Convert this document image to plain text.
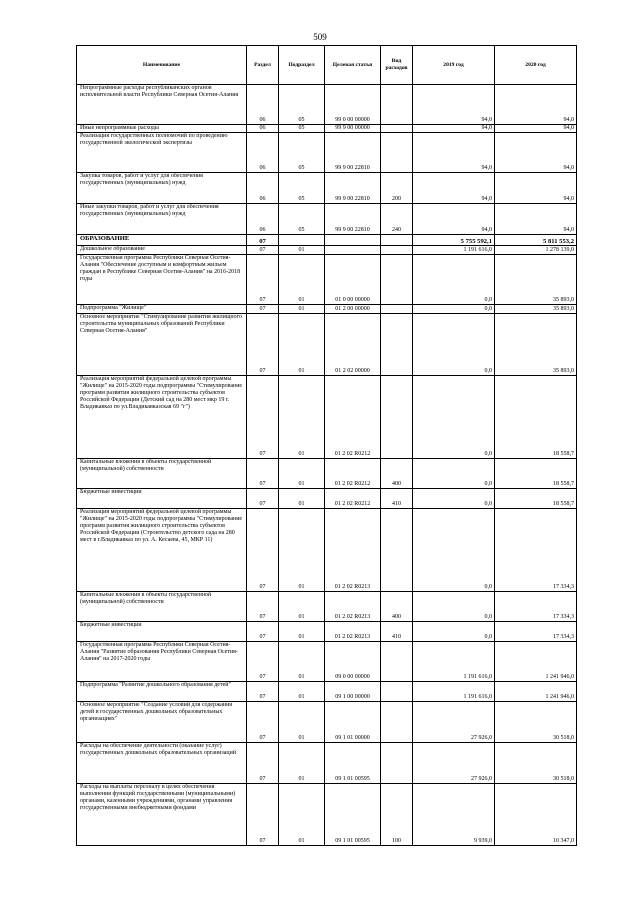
509
Наименование	Раздел	Подраздел	Целевая статья	Вид расходов	2019 год	2020 год
Непрограммные расходы республиканских органов исполнительной власти Республики Северная Осетия-Алания	06	05	99 0 00 00000		94,0	94,0
Иные непрограммные расходы	06	05	99 9 00 00000		94,0	94,0
Реализация государственных полномочий по проведению государственной экологической экспертизы	06	05	99 9 00 22810		94,0	94,0
Закупка товаров, работ и услуг для обеспечения государственных (муниципальных) нужд	06	05	99 9 00 22810	200	94,0	94,0
Иные закупки товаров, работ и услуг для обеспечения государственных (муниципальных) нужд	06	05	99 9 00 22810	240	94,0	94,0
ОБРАЗОВАНИЕ	07				5 755 592,1	5 811 553,2
Дошкольное образование	07	01			1 191 616,0	1 278 139,0
Государственная программа Республики Северная Осетия-Алания "Обеспечение доступным и комфортным жильем граждан в Республике Северная Осетия-Алания" на 2016-2018 годы	07	01	01 0 00 00000		0,0	35 893,0
Подпрограмма "Жилище"	07	01	01 2 00 00000		0,0	35 893,0
Основное мероприятие "Стимулирование развития жилищного строительства муниципальных образований Республики Северная Осетия-Алания"	07	01	01 2 02 00000		0,0	35 893,0
Реализация мероприятий федеральной целевой программы "Жилище" на 2015-2020 годы подпрограммы "Стимулирование программ развития жилищного строительства субъектов Российской Федерации (Детский сад на 280 мест мкр 19 г. Владикавказ по ул.Владикавказская 69 "г")	07	01	01 2 02 R0212		0,0	18 558,7
Капитальные вложения в объекты государственной (муниципальной) собственности	07	01	01 2 02 R0212	400	0,0	18 558,7
Бюджетные инвестиции	07	01	01 2 02 R0212	410	0,0	18 558,7
Реализация мероприятий федеральной целевой программы "Жилище" на 2015-2020 годы подпрограммы "Стимулирование программ развития жилищного строительства субъектов Российской Федерации (Строительство детского сада на 280 мест в г.Владикавказ по ул. А. Кесаева, 45, МКР 11)	07	01	01 2 02 R0213		0,0	17 334,3
Капитальные вложения в объекты государственной (муниципальной) собственности	07	01	01 2 02 R0213	400	0,0	17 334,3
Бюджетные инвестиции	07	01	01 2 02 R0213	410	0,0	17 334,3
Государственная программа Республики Северная Осетия-Алания "Развитие образования Республики Северная Осетия-Алания" на 2017-2020 годы	07	01	09 0 00 00000		1 191 616,0	1 241 946,0
Подпрограмма "Развитие дошкольного образования детей"	07	01	09 1 00 00000		1 191 616,0	1 241 946,0
Основное мероприятие "Создание условий для содержания детей в государственных дошкольных образовательных организациях"	07	01	09 1 01 00000		27 926,0	30 518,0
Расходы на обеспечение деятельности (оказание услуг) государственных дошкольных образовательных организаций	07	01	09 1 01 00595		27 926,0	30 518,0
Расходы на выплаты персоналу в целях обеспечения выполнения функций государственными (муниципальными) органами, казенными учреждениями, органами управления государственными внебюджетными фондами	07	01	09 1 01 00595	100	9 939,0	10 347,0
